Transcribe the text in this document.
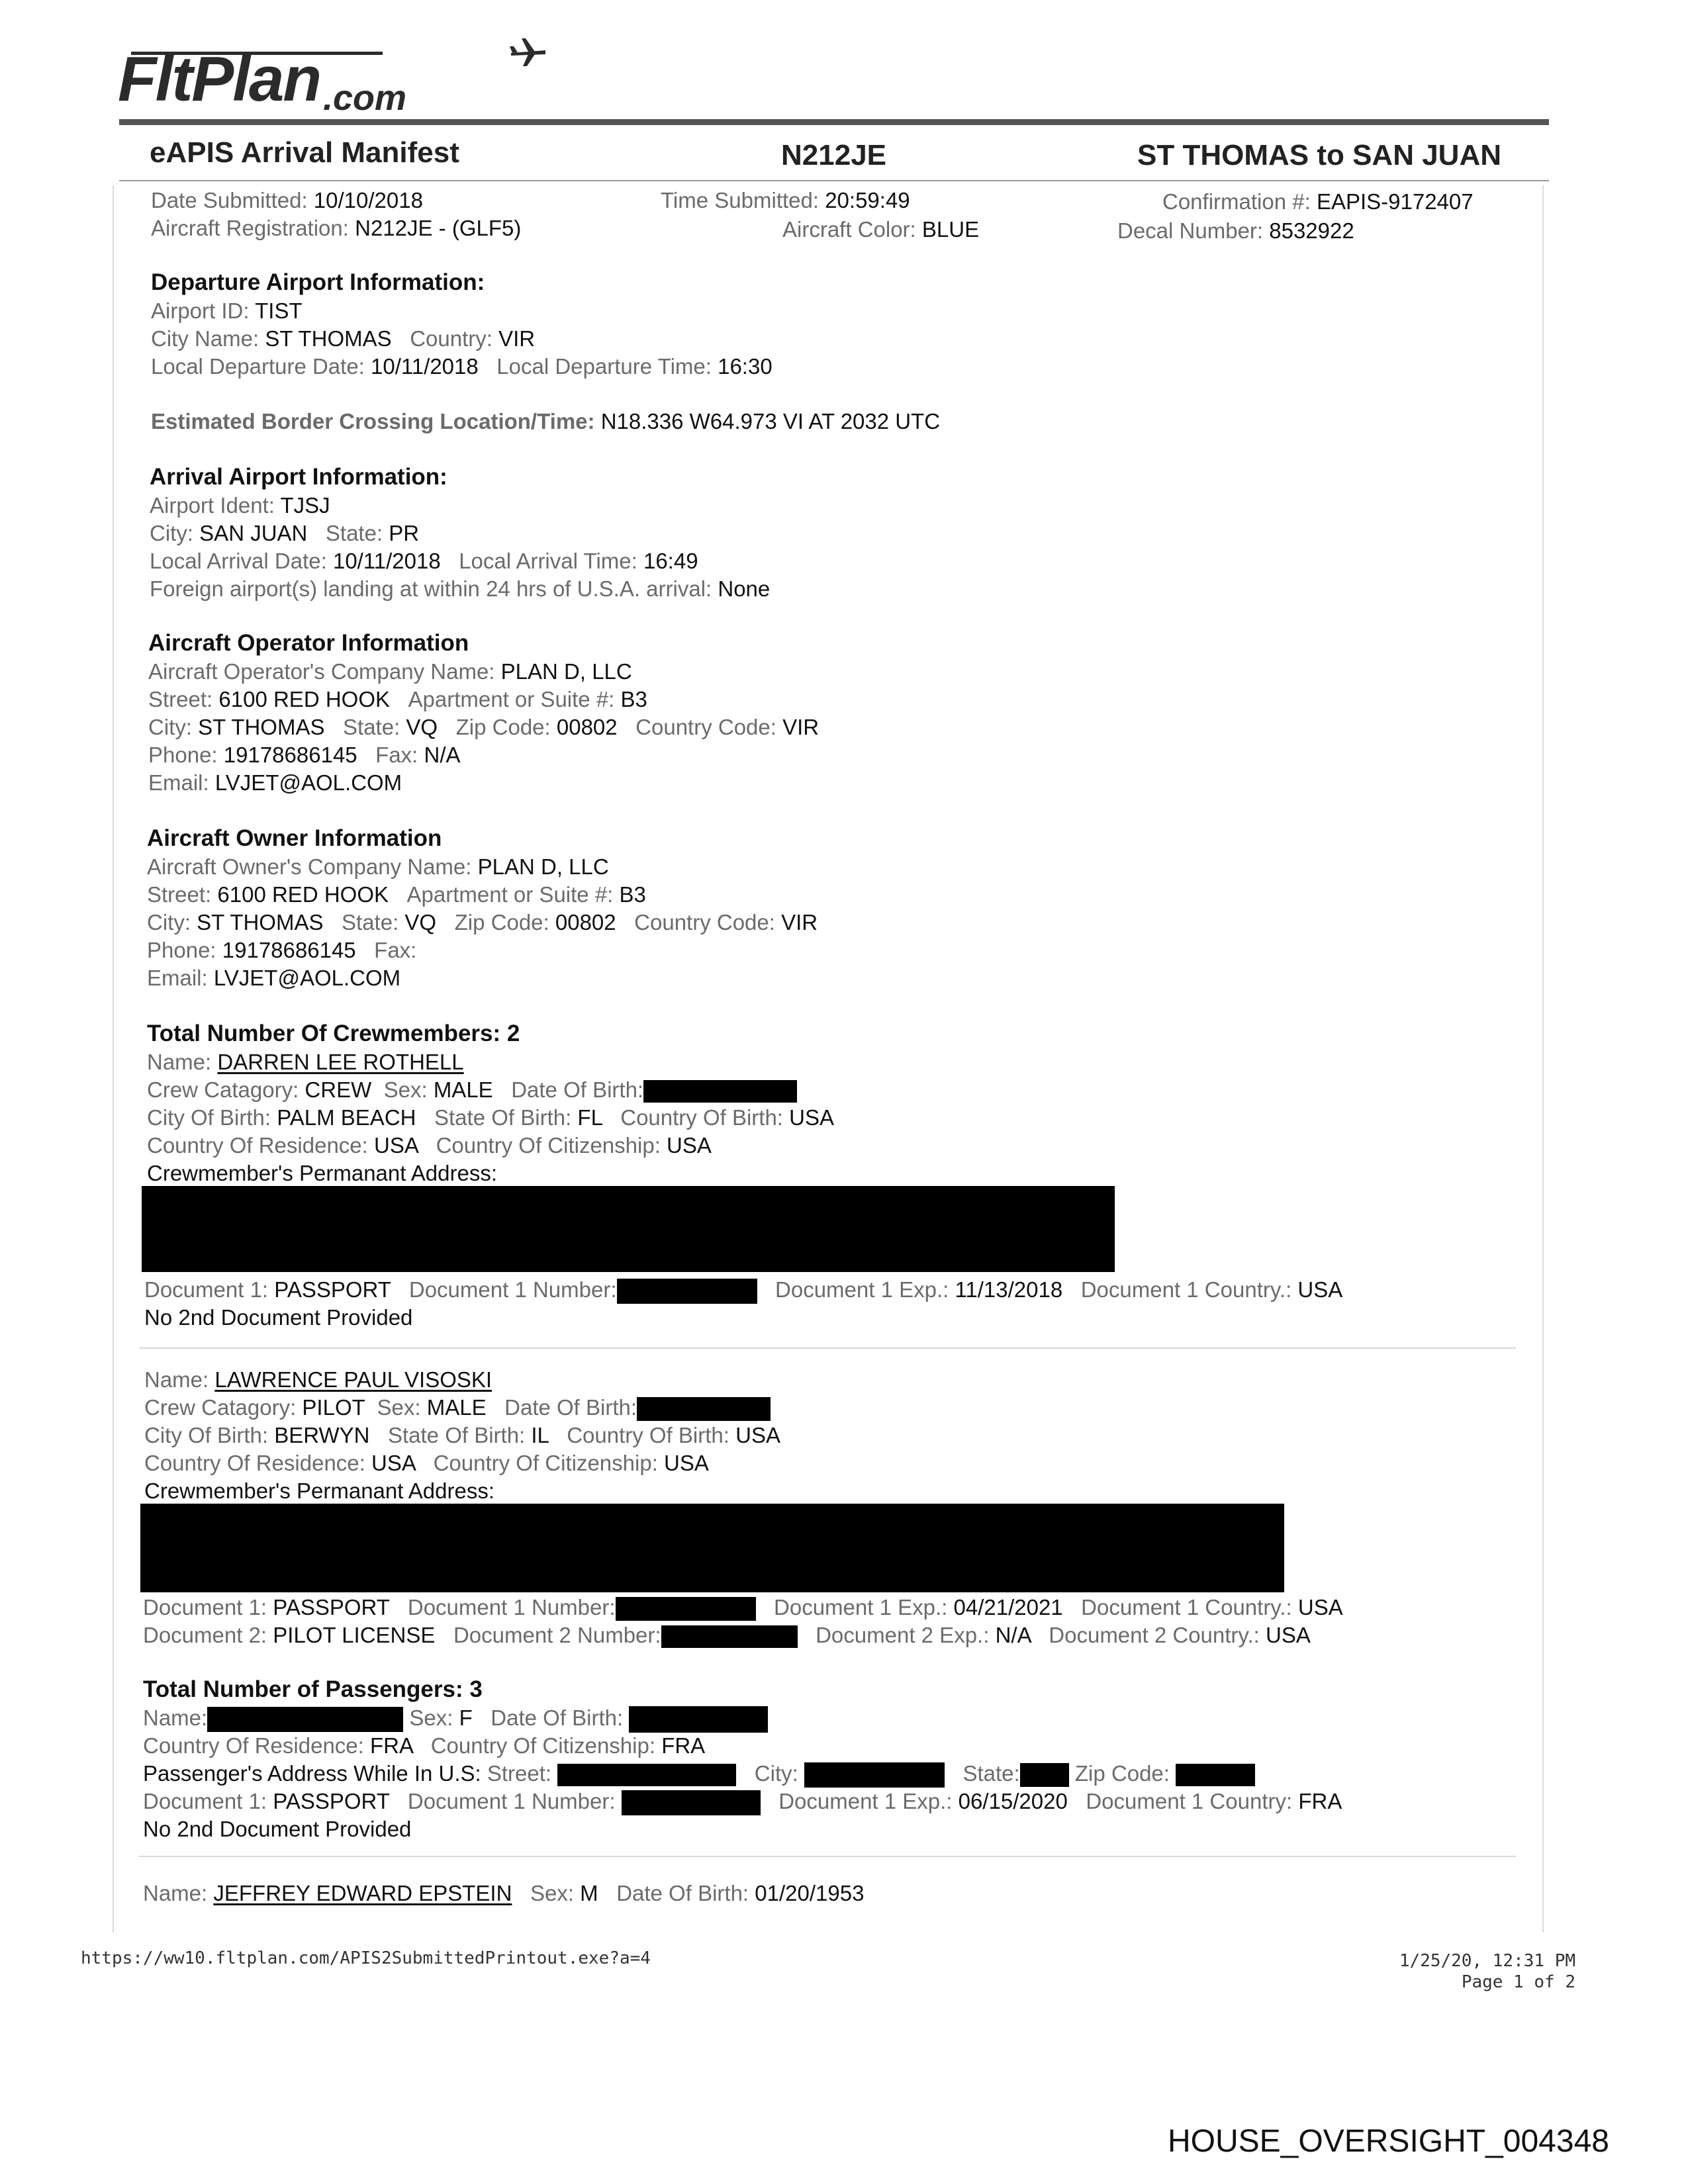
FltPlan .com
eAPIS Arrival Manifest	N212JE	ST THOMAS to SAN JUAN
Date Submitted: 10/10/2018	Time Submitted: 20:59:49	Confirmation #: EAPIS-9172407
Aircraft Registration: N212JE - (GLF5)	Aircraft Color: BLUE	Decal Number: 8532922
Departure Airport Information:
Airport ID: TIST
City Name: ST THOMAS Country: VIR
Local Departure Date: 10/11/2018 Local Departure Time: 16:30
Estimated Border Crossing Location/Time: N18.336 W64.973 VI AT 2032 UTC
Arrival Airport Information:
Airport Ident: TJSJ
City: SAN JUAN State: PR
Local Arrival Date: 10/11/2018 Local Arrival Time: 16:49
Foreign airport(s) landing at within 24 hrs of U.S.A. arrival: None
Aircraft Operator Information
Aircraft Operator's Company Name: PLAN D, LLC
Street: 6100 RED HOOK Apartment or Suite #: B3
City: ST THOMAS State: VQ Zip Code: 00802 Country Code: VIR
Phone: 19178686145 Fax: N/A
Email: LVJET@AOL.COM
Aircraft Owner Information
Aircraft Owner's Company Name: PLAN D, LLC
Street: 6100 RED HOOK Apartment or Suite #: B3
City: ST THOMAS State: VQ Zip Code: 00802 Country Code: VIR
Phone: 19178686145 Fax:
Email: LVJET@AOL.COM
Total Number Of Crewmembers: 2
Name: DARREN LEE ROTHELL
Crew Catagory: CREW Sex: MALE Date Of Birth:
City Of Birth: PALM BEACH State Of Birth: FL Country Of Birth: USA
Country Of Residence: USA Country Of Citizenship: USA
Crewmember's Permanant Address:
Document 1: PASSPORT Document 1 Number:	Document 1 Exp.: 11/13/2018 Document 1 Country.: USA
No 2nd Document Provided
Name: LAWRENCE PAUL VISOSKI
Crew Catagory: PILOT Sex: MALE Date Of Birth:
City Of Birth: BERWYN State Of Birth: IL Country Of Birth: USA
Country Of Residence: USA Country Of Citizenship: USA
Crewmember's Permanant Address:
Document 1: PASSPORT Document 1 Number:	Document 1 Exp.: 04/21/2021 Document 1 Country.: USA
Document 2: PILOT LICENSE Document 2 Number:	Document 2 Exp.: N/A Document 2 Country.: USA
Total Number of Passengers: 3
Name:	Sex: F Date Of Birth:
Country Of Residence: FRA Country Of Citizenship: FRA
Passenger's Address While In U.S: Street:	City:	State:	Zip Code:
Document 1: PASSPORT Document 1 Number:	Document 1 Exp.: 06/15/2020 Document 1 Country: FRA
No 2nd Document Provided
Name: JEFFREY EDWARD EPSTEIN Sex: M Date Of Birth: 01/20/1953
https://ww10.fltplan.com/APIS2SubmittedPrintout.exe?a=4	1/25/20, 12:31 PM
Page 1 of 2
HOUSE_OVERSIGHT_004348
